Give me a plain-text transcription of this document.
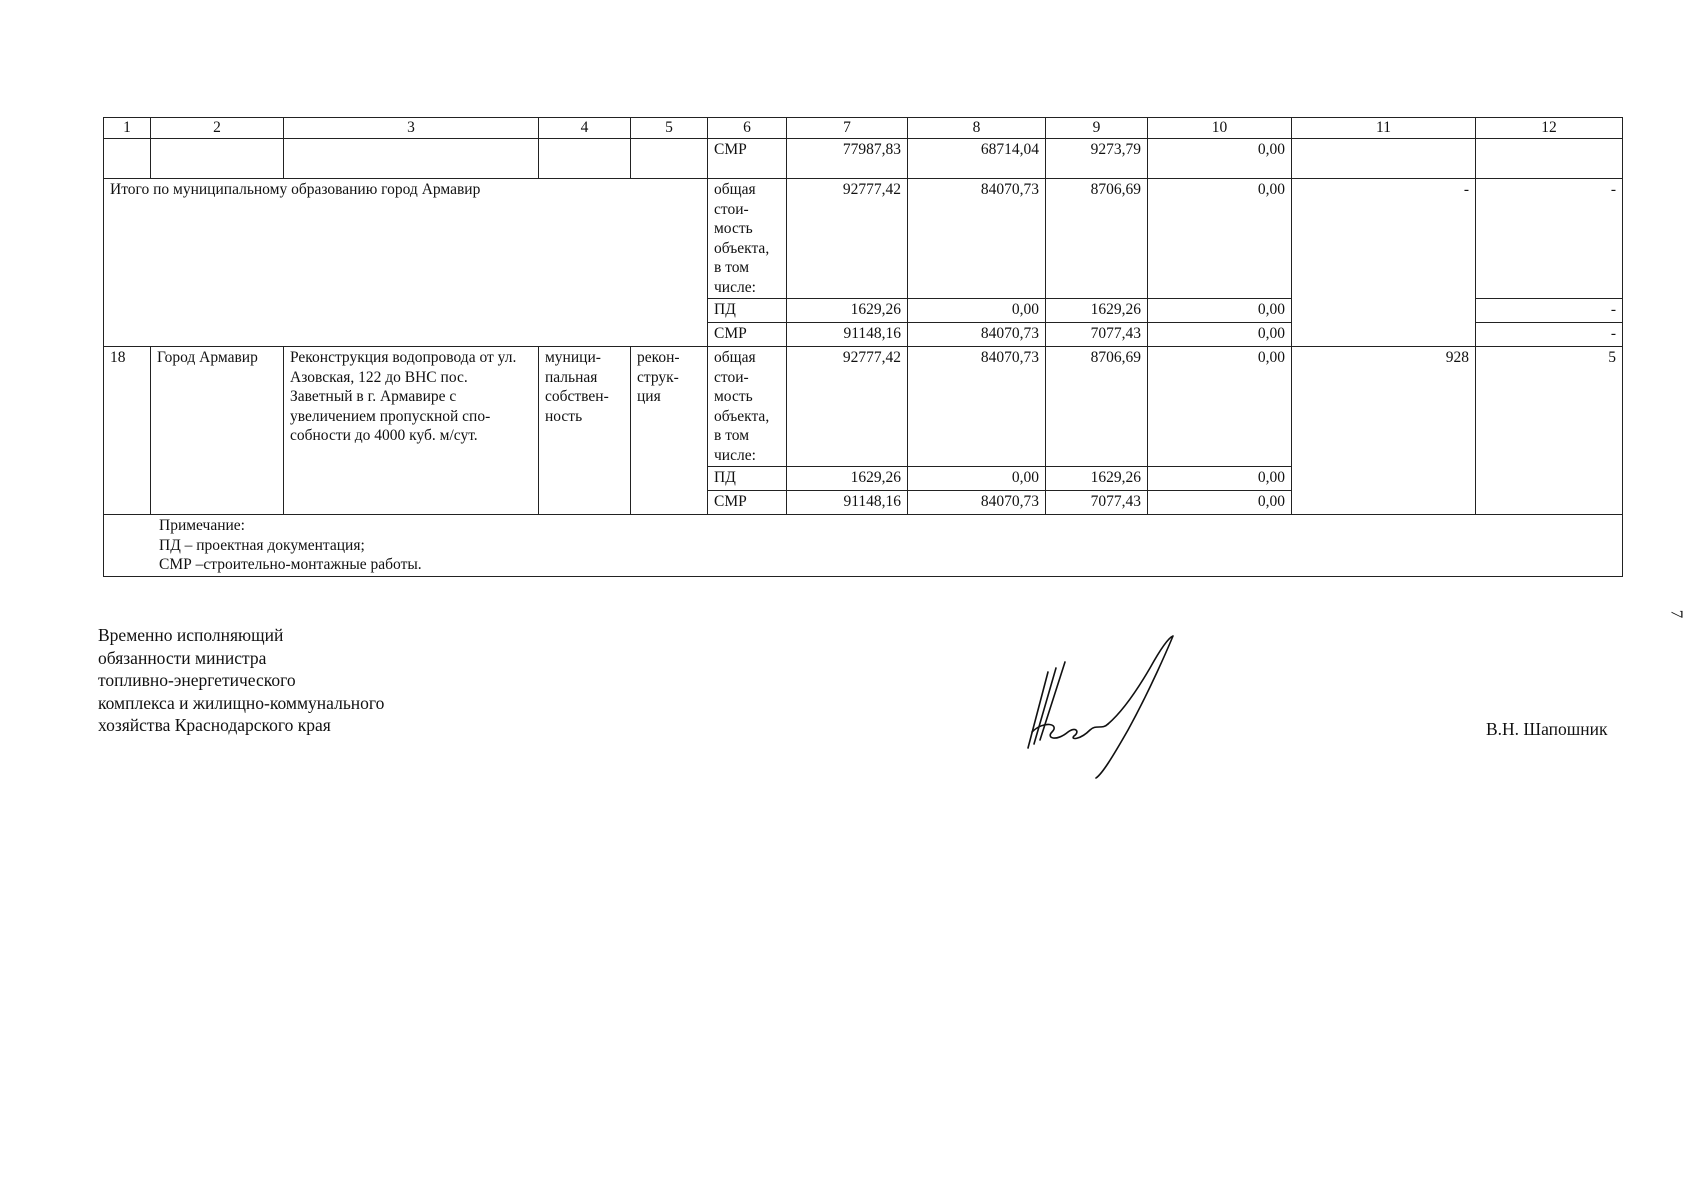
1	2	3	4	5	6	7	8	9	10	11	12
					СМР	77987,83	68714,04	9273,79	0,00		
Итого по муниципальному образованию город Армавир					общая стои-мость объекта, в том числе:	92777,42	84070,73	8706,69	0,00	-	-
					ПД	1629,26	0,00	1629,26	0,00		-
					СМР	91148,16	84070,73	7077,43	0,00		-
18	Город Армавир	Реконструкция водопровода от ул. Азовская, 122 до ВНС пос. Заветный в г. Армавире с увеличением пропускной спо-собности до 4000 куб. м/сут.	муници-пальная собствен-ность	рекон-струк-ция	общая стои-мость объекта, в том числе:	92777,42	84070,73	8706,69	0,00	928	5
					ПД	1629,26	0,00	1629,26	0,00		
					СМР	91148,16	84070,73	7077,43	0,00		

Примечание:
ПД – проектная документация;
СМР –строительно-монтажные работы.											
Временно исполняющий
обязанности министра
топливно-энергетического
комплекса и жилищно-коммунального
хозяйства Краснодарского края	В.Н. Шапошник
7
